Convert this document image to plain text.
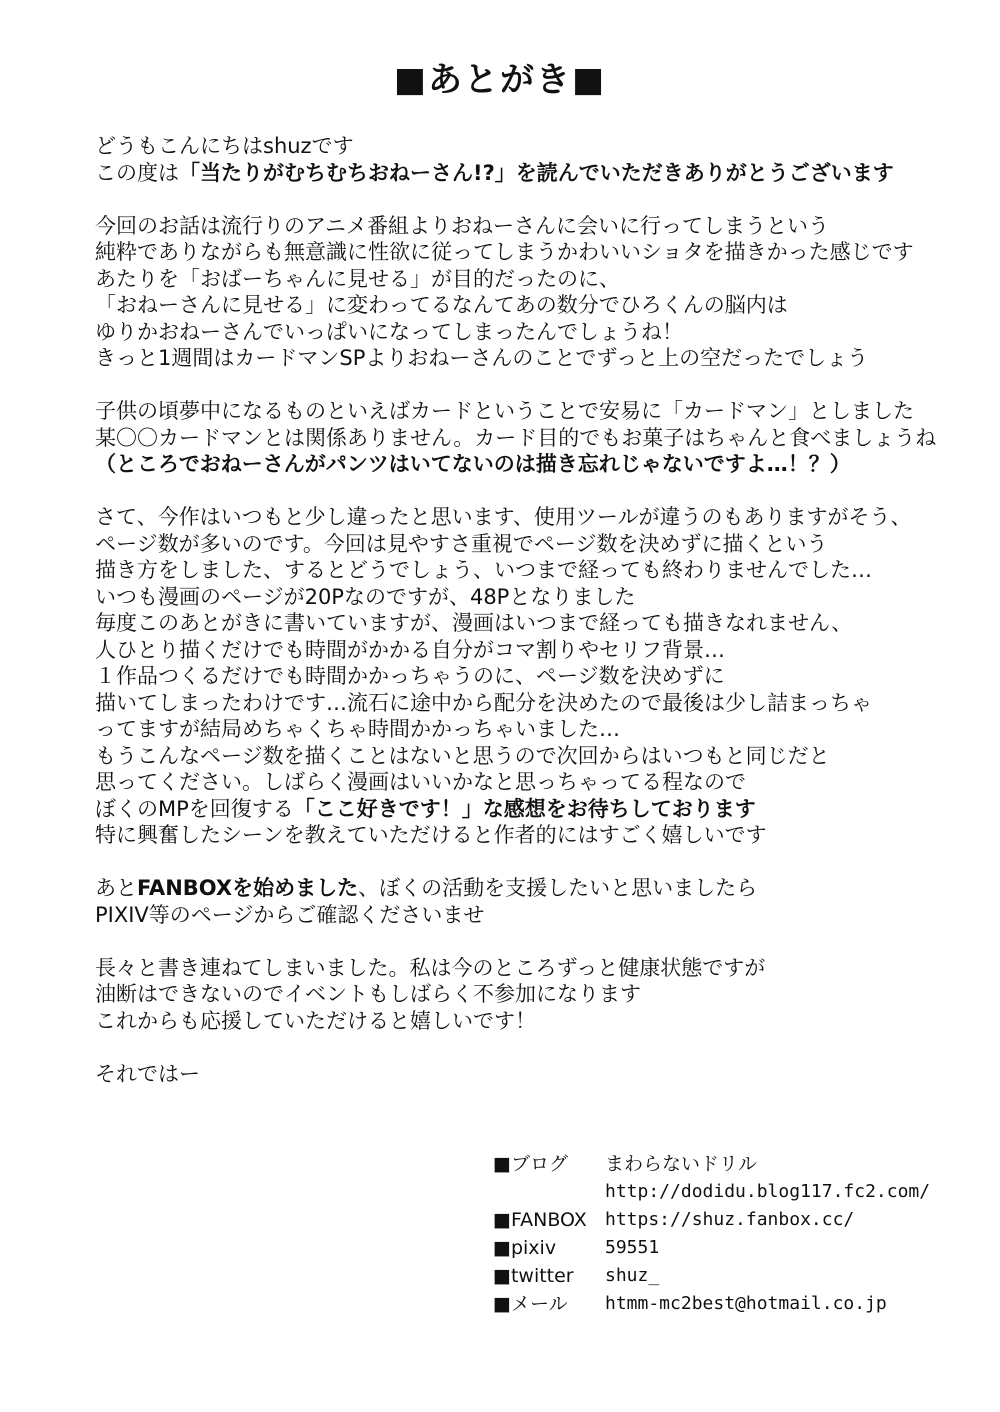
■あとがき■
どうもこんにちはshuzです
この度は「当たりがむちむちおねーさん!?」を読んでいただきありがとうございます
今回のお話は流行りのアニメ番組よりおねーさんに会いに行ってしまうという
純粋でありながらも無意識に性欲に従ってしまうかわいいショタを描きかった感じです
あたりを「おばーちゃんに見せる」が目的だったのに、
「おねーさんに見せる」に変わってるなんてあの数分でひろくんの脳内は
ゆりかおねーさんでいっぱいになってしまったんでしょうね！
きっと1週間はカードマンSPよりおねーさんのことでずっと上の空だったでしょう
子供の頃夢中になるものといえばカードということで安易に「カードマン」としました
某〇〇カードマンとは関係ありません。カード目的でもお菓子はちゃんと食べましょうね
（ところでおねーさんがパンツはいてないのは描き忘れじゃないですよ…！？）
さて、今作はいつもと少し違ったと思います、使用ツールが違うのもありますがそう、
ページ数が多いのです。今回は見やすさ重視でページ数を決めずに描くという
描き方をしました、するとどうでしょう、いつまで経っても終わりませんでした…
いつも漫画のページが20Pなのですが、48Pとなりました
毎度このあとがきに書いていますが、漫画はいつまで経っても描きなれません、
人ひとり描くだけでも時間がかかる自分がコマ割りやセリフ背景…
１作品つくるだけでも時間かかっちゃうのに、ページ数を決めずに
描いてしまったわけです…流石に途中から配分を決めたので最後は少し詰まっちゃ
ってますが結局めちゃくちゃ時間かかっちゃいました…
もうこんなページ数を描くことはないと思うので次回からはいつもと同じだと
思ってください。しばらく漫画はいいかなと思っちゃってる程なので
ぼくのMPを回復する「ここ好きです！」な感想をお待ちしております
特に興奮したシーンを教えていただけると作者的にはすごく嬉しいです
あとFANBOXを始めました、ぼくの活動を支援したいと思いましたら
PIXIV等のページからご確認くださいませ
長々と書き連ねてしまいました。私は今のところずっと健康状態ですが
油断はできないのでイベントもしばらく不参加になります
これからも応援していただけると嬉しいです！
それではー
■ブログ	まわらないドリル
http://dodidu.blog117.fc2.com/
■FANBOX	https://shuz.fanbox.cc/
■pixiv	59551
■twitter	shuz_
■メール	htmm-mc2best@hotmail.co.jp
